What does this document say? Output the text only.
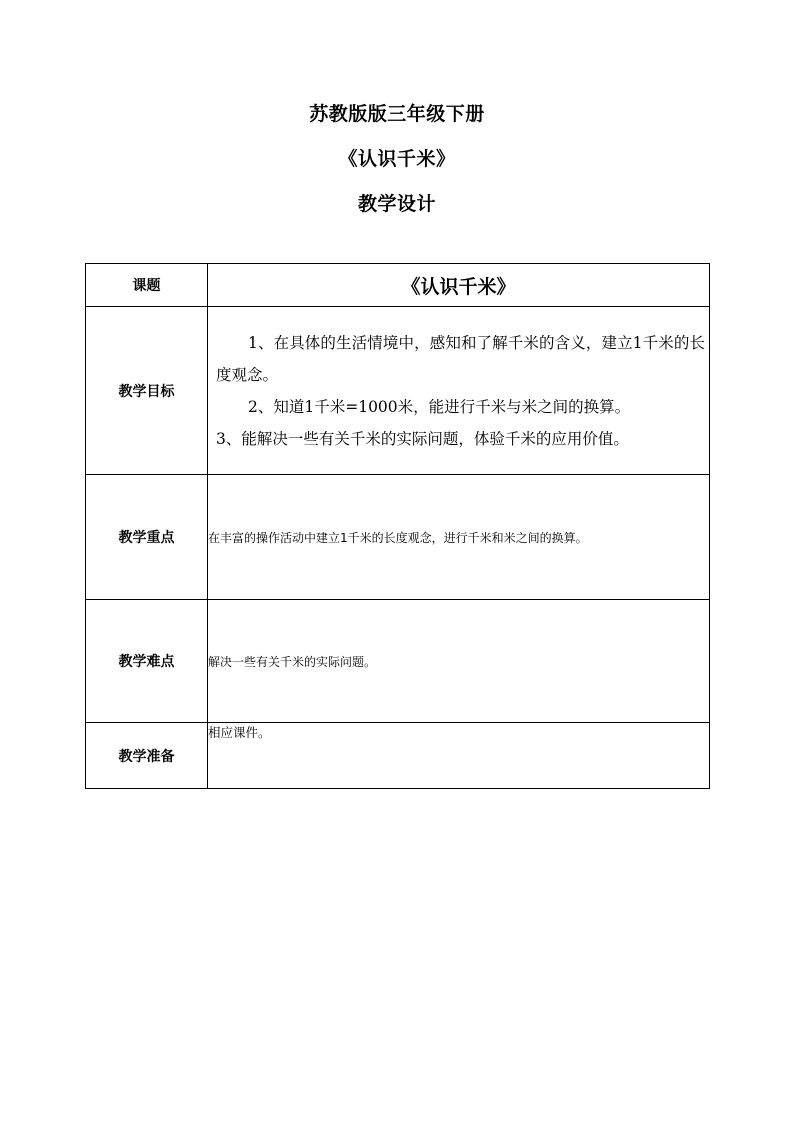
苏教版版三年级下册
《认识千米》
教学设计
课题	《认识千米》
教学目标	1、在具体的生活情境中，感知和了解千米的含义，建立1千米的长度观念。

2、知道1千米=1000米，能进行千米与米之间的换算。

3、能解决一些有关千米的实际问题，体验千米的应用价值。

教学重点	在丰富的操作活动中建立1千米的长度观念，进行千米和米之间的换算。
教学难点	解决一些有关千米的实际问题。
教学准备	相应课件。
